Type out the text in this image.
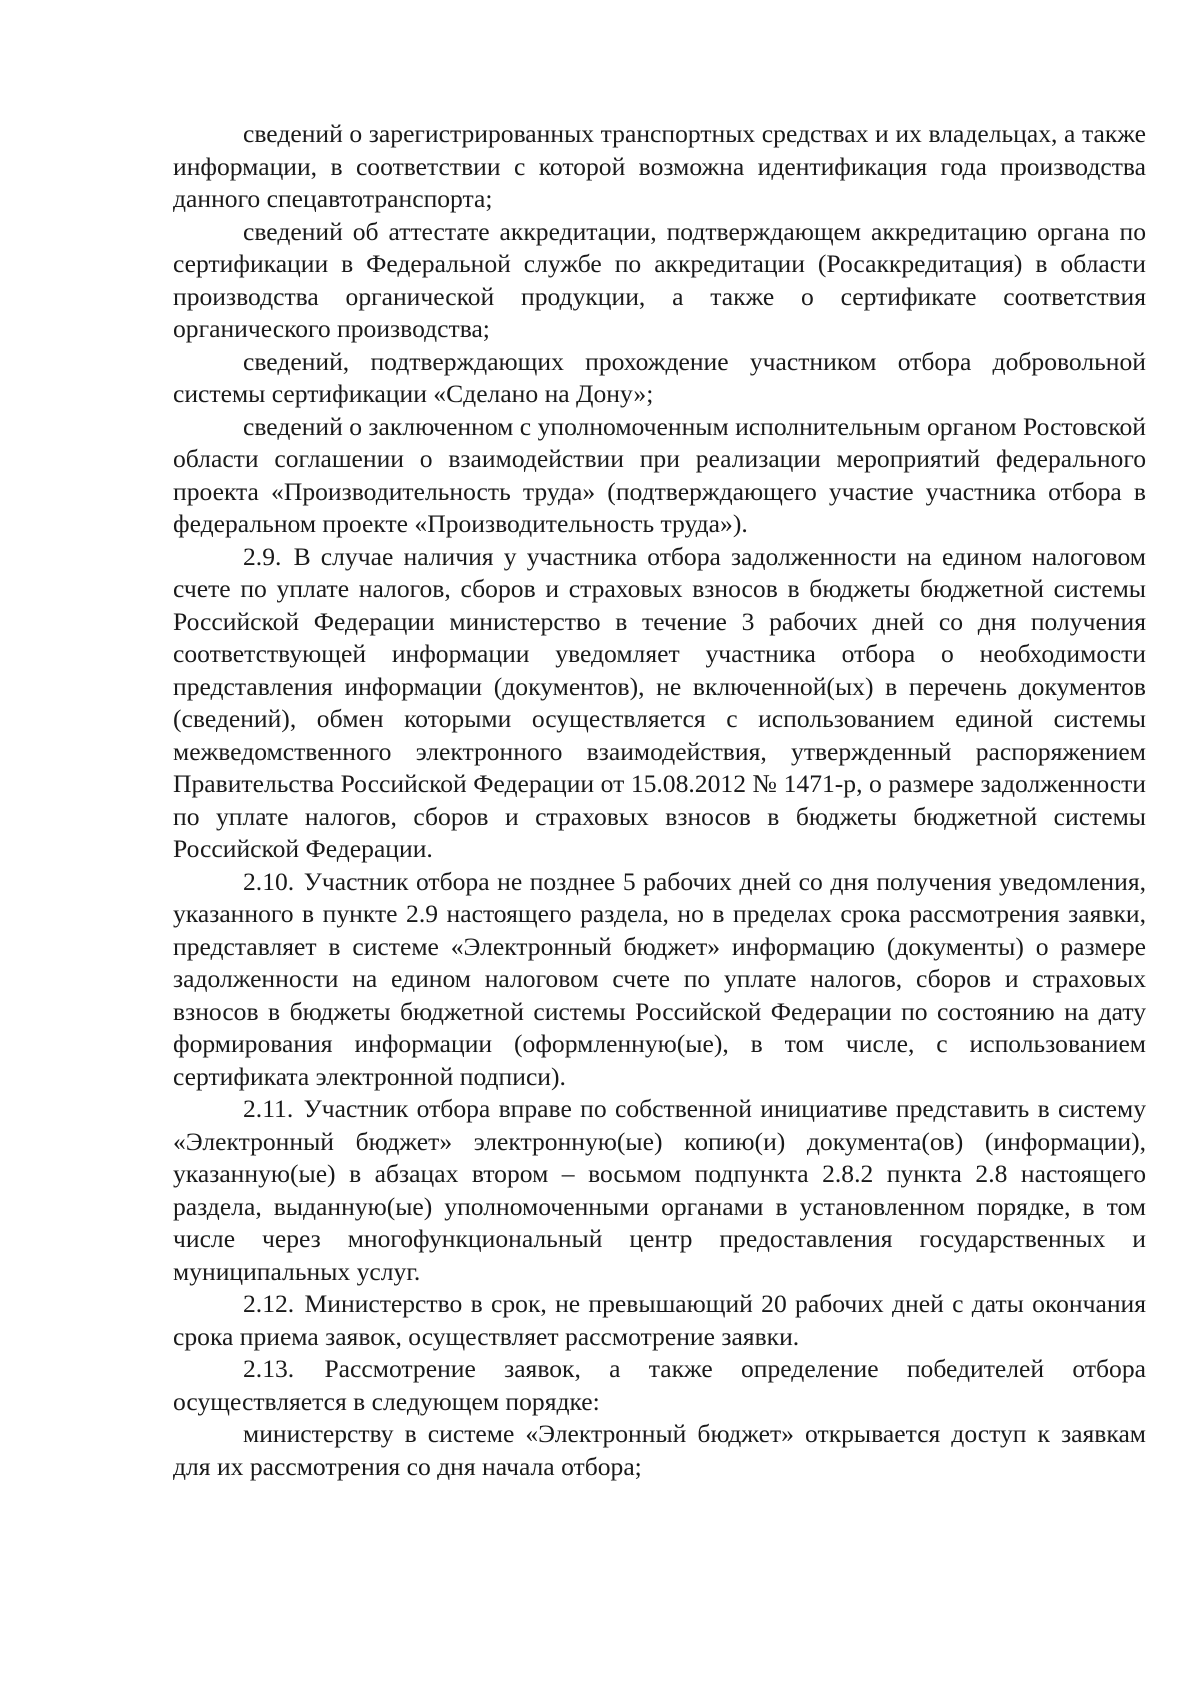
сведений о зарегистрированных транспортных средствах и их владельцах, а также информации, в соответствии с которой возможна идентификация года производства данного спецавтотранспорта;

сведений об аттестате аккредитации, подтверждающем аккредитацию органа по сертификации в Федеральной службе по аккредитации (Росаккредитация) в области производства органической продукции, а также о сертификате соответствия органического производства;

сведений, подтверждающих прохождение участником отбора добровольной системы сертификации «Сделано на Дону»;

сведений о заключенном с уполномоченным исполнительным органом Ростовской области соглашении о взаимодействии при реализации мероприятий федерального проекта «Производительность труда» (подтверждающего участие участника отбора в федеральном проекте «Производительность труда»).

2.9. В случае наличия у участника отбора задолженности на едином налоговом счете по уплате налогов, сборов и страховых взносов в бюджеты бюджетной системы Российской Федерации министерство в течение 3 рабочих дней со дня получения соответствующей информации уведомляет участника отбора о необходимости представления информации (документов), не включенной(ых) в перечень документов (сведений), обмен которыми осуществляется с использованием единой системы межведомственного электронного взаимодействия, утвержденный распоряжением Правительства Российской Федерации от 15.08.2012 № 1471-р, о размере задолженности по уплате налогов, сборов и страховых взносов в бюджеты бюджетной системы Российской Федерации.

2.10. Участник отбора не позднее 5 рабочих дней со дня получения уведомления, указанного в пункте 2.9 настоящего раздела, но в пределах срока рассмотрения заявки, представляет в системе «Электронный бюджет» информацию (документы) о размере задолженности на едином налоговом счете по уплате налогов, сборов и страховых взносов в бюджеты бюджетной системы Российской Федерации по состоянию на дату формирования информации (оформленную(ые), в том числе, с использованием сертификата электронной подписи).

2.11. Участник отбора вправе по собственной инициативе представить в систему «Электронный бюджет» электронную(ые) копию(и) документа(ов) (информации), указанную(ые) в абзацах втором – восьмом подпункта 2.8.2 пункта 2.8 настоящего раздела, выданную(ые) уполномоченными органами в установленном порядке, в том числе через многофункциональный центр предоставления государственных и муниципальных услуг.

2.12. Министерство в срок, не превышающий 20 рабочих дней с даты окончания срока приема заявок, осуществляет рассмотрение заявки.

2.13. Рассмотрение заявок, а также определение победителей отбора осуществляется в следующем порядке:

министерству в системе «Электронный бюджет» открывается доступ к заявкам для их рассмотрения со дня начала отбора;
